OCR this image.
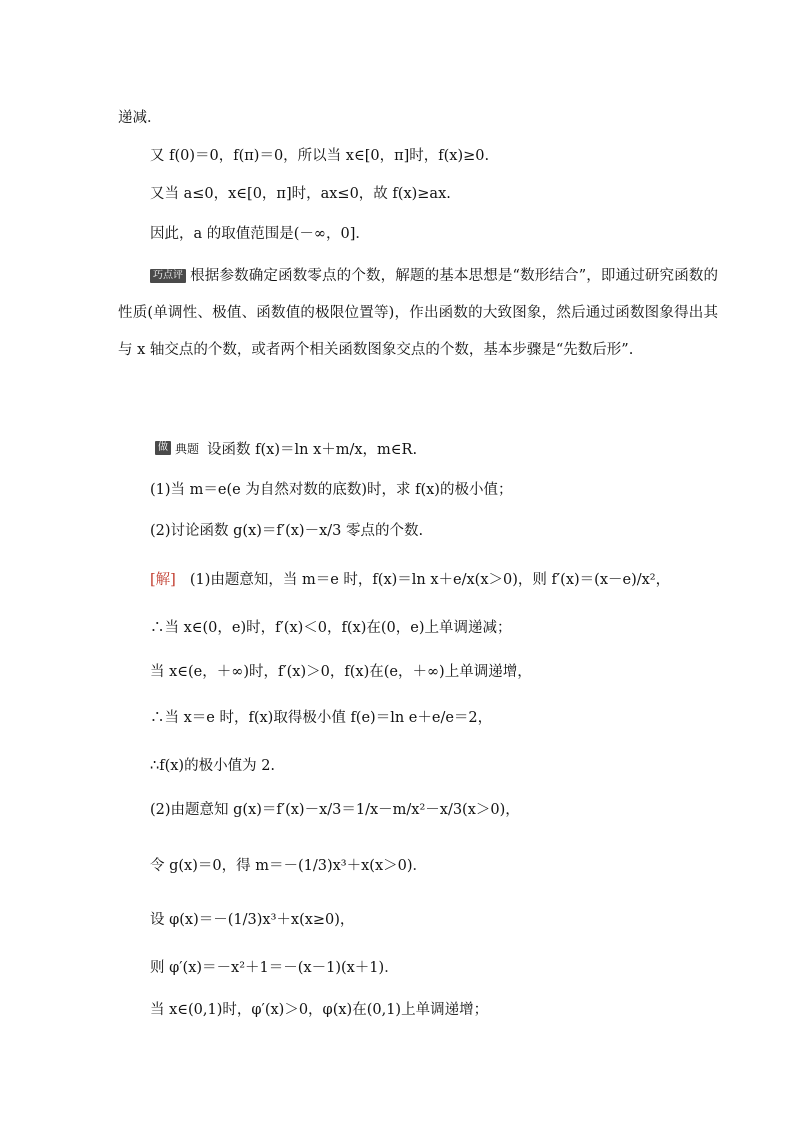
递减．
又 f(0)＝0，f(π)＝0，所以当 x∈[0，π]时，f(x)≥0.
又当 a≤0，x∈[0，π]时，ax≤0，故 f(x)≥ax.
因此，a 的取值范围是(－∞，0]．
巧点评 根据参数确定函数零点的个数，解题的基本思想是“数形结合”，即通过研究函数的性质(单调性、极值、函数值的极限位置等)，作出函数的大致图象，然后通过函数图象得出其与 x 轴交点的个数，或者两个相关函数图象交点的个数，基本步骤是“先数后形”.
做 典题 设函数 f(x)＝ln x＋m/x，m∈R.
(1)当 m＝e(e 为自然对数的底数)时，求 f(x)的极小值；
(2)讨论函数 g(x)＝f′(x)－x/3 零点的个数.
[解] (1)由题意知，当 m＝e 时，f(x)＝ln x＋e/x(x＞0)，则 f′(x)＝(x－e)/x²，
∴当 x∈(0，e)时，f′(x)＜0，f(x)在(0，e)上单调递减；
当 x∈(e，＋∞)时，f′(x)＞0，f(x)在(e，＋∞)上单调递增，
∴当 x＝e 时，f(x)取得极小值 f(e)＝ln e＋e/e＝2，
∴f(x)的极小值为 2.
(2)由题意知 g(x)＝f′(x)－x/3＝1/x－m/x²－x/3(x＞0)，
令 g(x)＝0，得 m＝－(1/3)x³＋x(x＞0)．
设 φ(x)＝－(1/3)x³＋x(x≥0)，
则 φ′(x)＝－x²＋1＝－(x－1)(x＋1)．
当 x∈(0,1)时，φ′(x)＞0，φ(x)在(0,1)上单调递增；
